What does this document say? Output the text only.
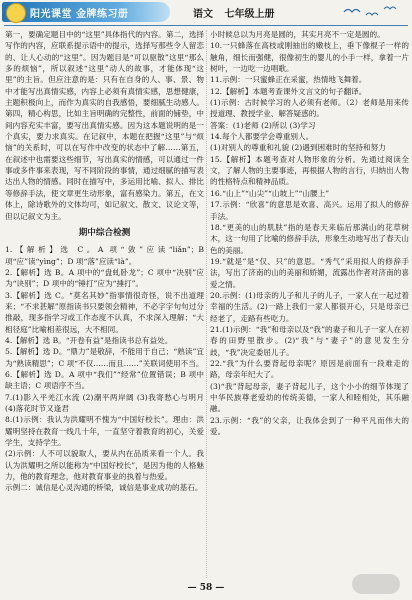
阳光课堂 金牌练习册	语文 七年级上册

第一，要确定题目中的“这里”具体指代的内容。第二，选择写作的内容，应联系提示语中的提示，选择写那些令人留恋的、让人心动的“这里”。因为题目是“可以驱散”这里“那么多的烦恼”，所以叙述“这里”动人的故事，才能体现“这里”的主旨。但应注意的是：只有在自身的人、事、景、物中才能写出真情实感，内容上必须有真情实感，思想健康，主题积极向上，而作为真实的自我感悟，要细腻生动感人。第四，精心构思，比如主旨明确的完整性，前面的铺垫，中间内容充实丰富，要写出真情实感。因为这本题说明的是一个真实，要力求真实。在记叙中，本题在把握“这里”与“烦恼”的关系时，可以在写作中改变的状态中了解……第五，在叙述中也需要这些细节，写出真实的情感，可以通过一件事或多件事来表现，写不同阶段的事情，通过细腻的描写表达出人物的情感。同时在描写中，多运用比喻、拟人、排比等修辞手法，使文章更生动形象，富有感染力。第五，在文体上，除诗歌外的文体均可，如记叙文、散文、议论文等，但以记叙文为主。

期中综合检测

1.【解析】选 C。A 项“敛”应读“liǎn”；B 项“应”读“yìng”；D 项“落”应读“là”。

2.【解析】选 B。A 项中的“盘虬卧龙”；C 项中“决别”应为“诀别”；D 项中的“锤打”应为“捶打”。

3.【解析】选 C。“莫名其妙”指事情很奇怪，说不出道理来；“不求甚解”原指读书只要领会精神，不必字字句句过分推敲，现多指学习或工作态度不认真，不求深入理解；“大相径庭”比喻相差很远，大不相同。

4.【解析】选 B。“开卷有益”是指读书总有益处。

5.【解析】选 D。“鼎力”是敬辞，不能用于自己；“熟读”宜为“熟读精思”；C 项“不仅……而且……”关联词使用不当。

6.【解析】选 D。A 项中“我们”“经常”位置错误；B 项中缺主语；C 项语序不当。

7.(1)影入平羌江水流 (2)潮平两岸阔 (3)我寄愁心与明月 (4)落花时节又逢君

8.(1)示例：我认为洪耀明不愧为“中国好校长”。理由：洪耀明坚持在教育一线几十年，一直坚守着教育的初心，关爱学生，支持学生。

(2)示例：人不可以貌取人，要从内在品质来看一个人。我认为洪耀明之所以能称为“中国好校长”，是因为他的人格魅力，他的教育理念，他对教育事业的执着与热爱。

示例二：诚信是心灵沟通的桥梁，诚信是事业成功的基石。

小时候总以为月亮是圆的，其实月亮不一定是圆的。

10.一只蜂落在高枝或刚抽出的嫩枝上，垂下像棍子一样的触角，细长而强健，很像初生的婴儿的小手一样，拿着一片树叶，一边吃一边唱歌。

11.示例：一只蜜蜂正在采蜜，热情地飞舞着。

12.【解析】本题考查课外文言文的句子翻译。

(1)示例：古时候学习的人必须有老师。（2）老师是用来传授道理、教授学业、解答疑惑的。

答案：(1)老师 (2)所以 (3)学习

14.每个人都要学会尊重别人。

(1)对别人的尊重和礼貌 (2)遇到困难时的坚持和努力

15.【解析】本题考查对人物形象的分析。先通过阅读全文，了解人物的主要事迹，再根据人物的言行，归纳出人物的性格特点和精神品质。

16.“山上”“山尖”“山坡上”“山腰上”

17.示例：“欣喜”的意思是欢喜、高兴。运用了拟人的修辞手法。

18.“更美的山的肌肤”指的是春天来临后那满山的花草树木，这一句用了比喻的修辞手法，形象生动地写出了春天山色的美丽。

19.“就是”是“仅、只”的意思。“秀气”采用拟人的修辞手法，写出了济南的山的美丽和娇媚，流露出作者对济南的喜爱之情。

20.示例：(1)母亲的儿子和儿子的儿子，一家人在一起过着幸福的生活。(2)一路上我们一家人都很开心，只是母亲已经老了，走路有些吃力。

21.(1)示例：“我”和母亲以及“我”的妻子和儿子一家人在初春的田野里散步。(2)“我”与“妻子”的意见发生分歧，“我”决定委屈儿子。

22.“我”为什么要背起母亲呢？原因是前面有一段难走的路，母亲年纪大了。

(3)“我”背起母亲，妻子背起儿子，这个小小的细节体现了中华民族尊老爱幼的传统美德，一家人和睦相处，其乐融融。

23.示例：“我”的父亲，让我体会到了一种平凡而伟大的爱。

— 58 —
